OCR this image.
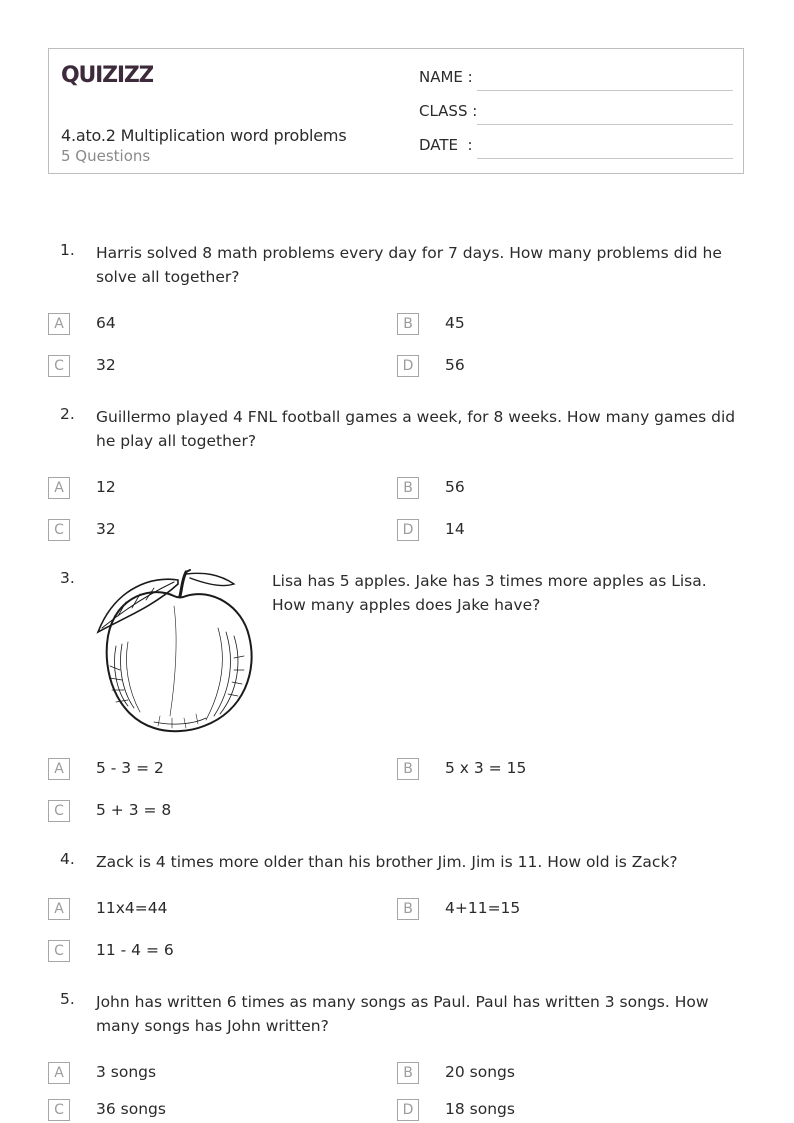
QUIZIZZ
4.ato.2 Multiplication word problems
5 Questions
NAME :
CLASS :
DATE  :
1. Harris solved 8 math problems every day for 7 days. How many problems did he solve all together?
A	64	B	45
C	32	D	56
2. Guillermo played 4 FNL football games a week, for 8 weeks. How many games did he play all together?
A	12	B	56
C	32	D	14
3.	Lisa has 5 apples. Jake has 3 times more apples as Lisa. How many apples does Jake have?
A	5 - 3 = 2	B	5 x 3 = 15
C	5 + 3 = 8
4. Zack is 4 times more older than his brother Jim. Jim is 11. How old is Zack?
A	11x4=44	B	4+11=15
C	11 - 4 = 6
5. John has written 6 times as many songs as Paul. Paul has written 3 songs. How many songs has John written?
A	3 songs	B	20 songs
C	36 songs	D	18 songs
